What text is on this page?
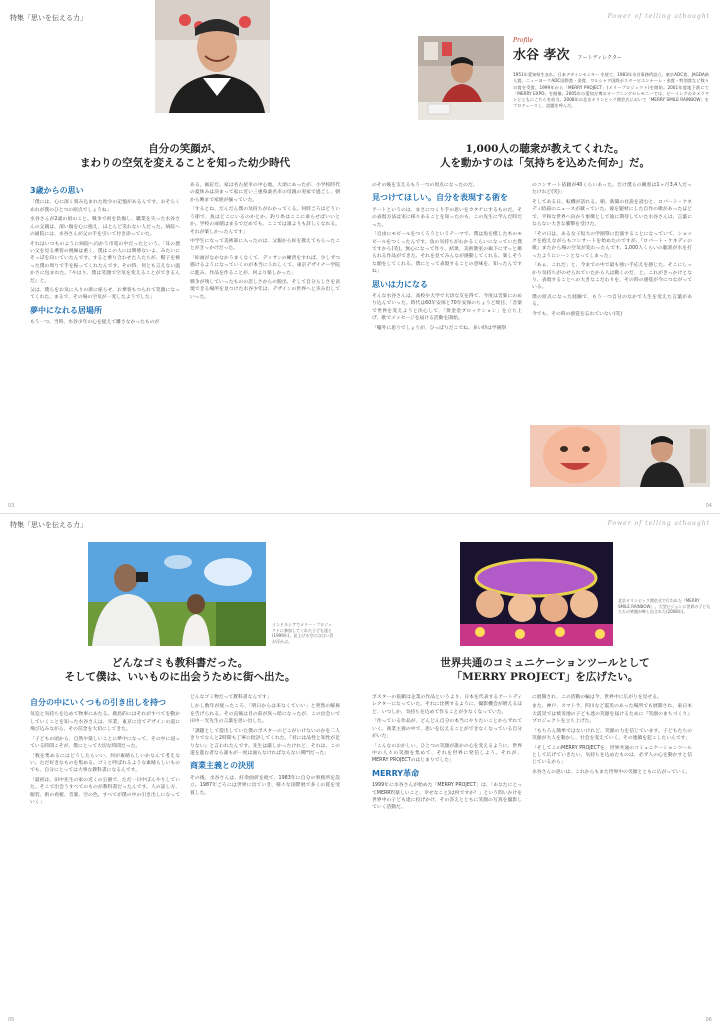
特集「思いを伝える力」	Power of telling athought
Profile
水谷 孝次 アートディレクター
1951年愛知県生まれ。日本デザインセンター を経て、1983年水谷事務所設立。東京ADC賞、JAGDA新人賞、ニューヨークADC国際賞・金賞、ワルシャワ国際ポスタービエンナーレ・金賞・特別賞など数々の賞を受賞。1999年から「MERRY PROJECT」(メリープロジェクト)を開始。2001年度地下鉄にて「MERRY EXPO」を開催。2005年の愛知万博のオープニングセレモニーでは、ビーイングのカメラマンとともにこちらを担当。2008年の北京オリンピック開会式において「MERRY SMILE RAINBOW」をプロデュースし、話題を呼んだ。
自分の笑顔が、
まわりの空気を変えることを知った幼少時代
1,000人の聴衆が教えてくれた。
人を動かすのは「気持ちを込めた何か」だ。
3歳からの思い

「僕には、心に深く刻み込まれた幼少の記憶があるんです。おそらくあれが僕のひとつの原点でしょうね」

水谷さんが2歳の頃のこと。戦争で祖を負傷し、職業を失った水谷さんの父親は、深い傷を心に抱え、ほとんど笑わない人だった。病院への通院には、水谷さんが父の手を引いて付き添っていた。

それはいつものように病院へ向かう市電の中だったという。「耳の悪い父を見る乗客の視線は重く、僕はこの人には関係ないよ、みたいにそっぽを向いていたんです。すると乗り合わせた人たちが、帽子を被った僕の周りで手を振ってくれたんです。その時、何とも言えない温かさに包まれた。『やはり、僕は笑顔で空気を変えることができるんだ』と。

父は、僕らをお気に入りの席に座らせ、お乗客もつられて笑顔になってくれた。まるで、その場の空気が一変したようでした」

夢中になれる居場所

もう一つ、当時、水谷少年の心を捉えて離さなかったものが

ある。画釘だ。家は名古屋市の中心地。大須にあったが、小学校時代の夏休みは決まって家に近い三重県桑名市の母親の実家で過ごし、朝から晩まで家族が揃っていた。

「するとね、だんだん僕の気持ちがわかってくる。何時ごろはどういう節で、魚はどこにいるのかとか。釣り糸はここに垂らせばいいとか。学校の成績はまるでだめでも、ここでは誰よりも詳しくなれる。それが楽しかったんです」

中学生になって美術部に入ったのは、父親から絵を教えてもらったことがきっかけだった。

「絵画がなかなかうまくなくて、デッサンの練習をすれば、少しずつ描けるようになっていくのが本当にうれしくて。東京デザイナー学院に進み、作品を作ることが、何より楽しかった」

戦争が残していったものの悲しさからの脱出、そして自分らしさを表現できる場所を見つけた水谷少年は、デザインの世界へと歩み出していった。

のその後を支えるもう一つの原点になったのだ。

見つけてほしい。自分を表現する術を

アートというのは、まさにつくり手の思いをカタチにするものだ。その表現方法は実に様々あることを知ったのも、この先生に学んだ時だった。

「自由にモビールをつくろうというテーマで、僕は魚を模した木のモビールをつくったんです。魚の気持ちがわかるくらいになっていた僕ですから(笑)。無心になって作り、結果、美術教室の廊下にずっと飾られる作品ができた。それを見てみんなが感動してくれる。楽しそうな顔をしてくれる。僕にとって表現することの意味を、知ったんですね」

思いは力になる

そんな水谷さんは、高校や大学で大切な友を得て、今度は音楽にのめり込んでいった。時代は60年安保と70年安保のちょうど境目、「音楽で世界を変えようと決心して、「黄金金ブロッケション」を立ち上げ、歌でメッセージを届ける活動を開始。

「嘘外に思うでしょうが、ひっぱりだこでね。多い時は学園祭

のコンサート依頼が40くらいあった。だけ僕らの観客は1ヶ月3,4人だったけれど(笑)」

そしてある日、転機が訪れる。朝、新聞の社説を読むと、ロバート・ケネディ暗殺のニュースが載っていた。彼を題材にした自作の歌があったほどで、平和な世界へ向かう象徴として彼に期待していた水谷さんは、言葉にならない大きな衝撃を受けた。

「その日は、ある女子短大の学園祭に出演することになっていて、ショックを抱えながらもコンサートを始めたのですが、『ロバート・ケネディの歌』またから場の空気が変わったんです。1,000人くらいの聴衆が水を打ったようにシーンとなってしまった」

「あぁ、これだ」と、今までの中で最も強い手応えを感じた。そこにしっかり気持ちがのせられていたから人は動くのだ、と。これがきっかけとなり、表現することへの大きなこだわりを、その時の感覚が今につながっている。

僕の原点になった経験で、もう一つ自分のなかで人生を変えた言葉がある。

今でも、その時の感覚を忘れていない(笑)

03	04
特集「思いを伝える力」	Power of telling athought
インドネシアでメリー・プロジェクトに参加してくれた子ども達と(1999年)。見上げる空には白い雲が浮かぶ。
北京オリンピック開会式で行われた『MERRY SMILE RAINBOW』。大型ビジョンに世界の子どもたちの笑顔が映し出された(2008年)。
どんなゴミも教科書だった。
そして僕は、いいものに出会うために街へ出た。
世界共通のコミュニケーションツールとして
「MERRY PROJECT」を広げたい。
自分の中にいくつもの引き出しを持つ

気迫と気持ちを込めて物事にあたる。鹿島的にはそれがすべてを動かしていくことを知った水谷さんは、卒業、東京に出てデザインの道に飛び込みながら、その信念を大切にしてきた。

「子どもの頃から、自然や楽しいことに夢中になって、その中に浸っている時間こそが、僕にとって大切な時間だった。

「数を集めるにはどうしたらいい、何が素晴らしいかなんて考えない。ただ好きなものを集める。ゴミと呼ばれるような素晴らしいものでも、自分にとっては大事な教科書になるんです。

「最初は、田中先生の家の近くの公園で、ただ一日中ぼんやりしていた。そこで出会うすべてのものが教科書だったんです。人の話し方、服装、街の看板、音楽、空の色。すべてが僕の中の引き出しになっていく」

どんなゴミ物だって教科書なんです」

しかし数年が経ったころ、「明日からは来なくていい」と突然の解雇を告げられる。その直後は目の前が真っ暗になったが、この出会いで田中一光先生の言葉を思い出した。

「課題として提出していた僕のポスターのどこがいけないのかを二人きりでなんと2時間も丁寧に批評してくれた。『君には品性と知性が足りない』と言われたんです。先生は厳しかったけれど、それは、この道を進む者なら誰もが一度は通らなければならない関門だった」

商業主義との決別

その後、水谷さんは、紆余曲折を経て、1983年に自分の事務所を設立。1987年ごろには世界に出ていき、様々な国際展で多くの賞を受賞した。

ポスターの依頼は企業の作品というより、日本を代表するアートディレクターになっていた。それに比例するように、撮影機会が増えるほど、いつしか、気持ちを込めて作ることが少なくなっていた。

「作っている作品が、どんどん自分の本当にやりたいことからずれていく。商業主義の中で、思いを伝えることができなくなっている自分がいた」

「こんなのおかしい。ひとつの笑顔が誰かの心を変えるように、世界中の人々の笑顔を集めて、それを世界に発信しよう。それが、MERRY PROJECTのはじまりでした」

MERRY革命

1999年に水谷さんが始めた「MERRY PROJECT」は、「あなたにとってMERRY(楽しいこと、幸せなこと)は何ですか？」という問いかけを世界中の子ども達に投げかけ、その答えとともに笑顔の写真を撮影していく活動だ。

に展開され、この活動の輪は今、世界中に広がりを見せる。

また、神戸、スマトラ、四川など震災のあった場所でも展開され、東日本大震災では被災地の子ども達の笑顔を届けるために『笑顔のまちづくり』プロジェクトを立ち上げた。

「もちろん簡単ではないけれど、笑顔の力を信じています。子どもたちの笑顔が大人を動かし、社会を変えていく。その連鎖を起こしたいんです」

「そしてこのMERRY PROJECTを、世界共通のコミュニケーションツールとして広げていきたい。気持ちを込めたものは、必ず人の心を動かすと信じているから」

水谷さんの思いは、これからもまた世界中の笑顔とともに広がっていく。

05	06
